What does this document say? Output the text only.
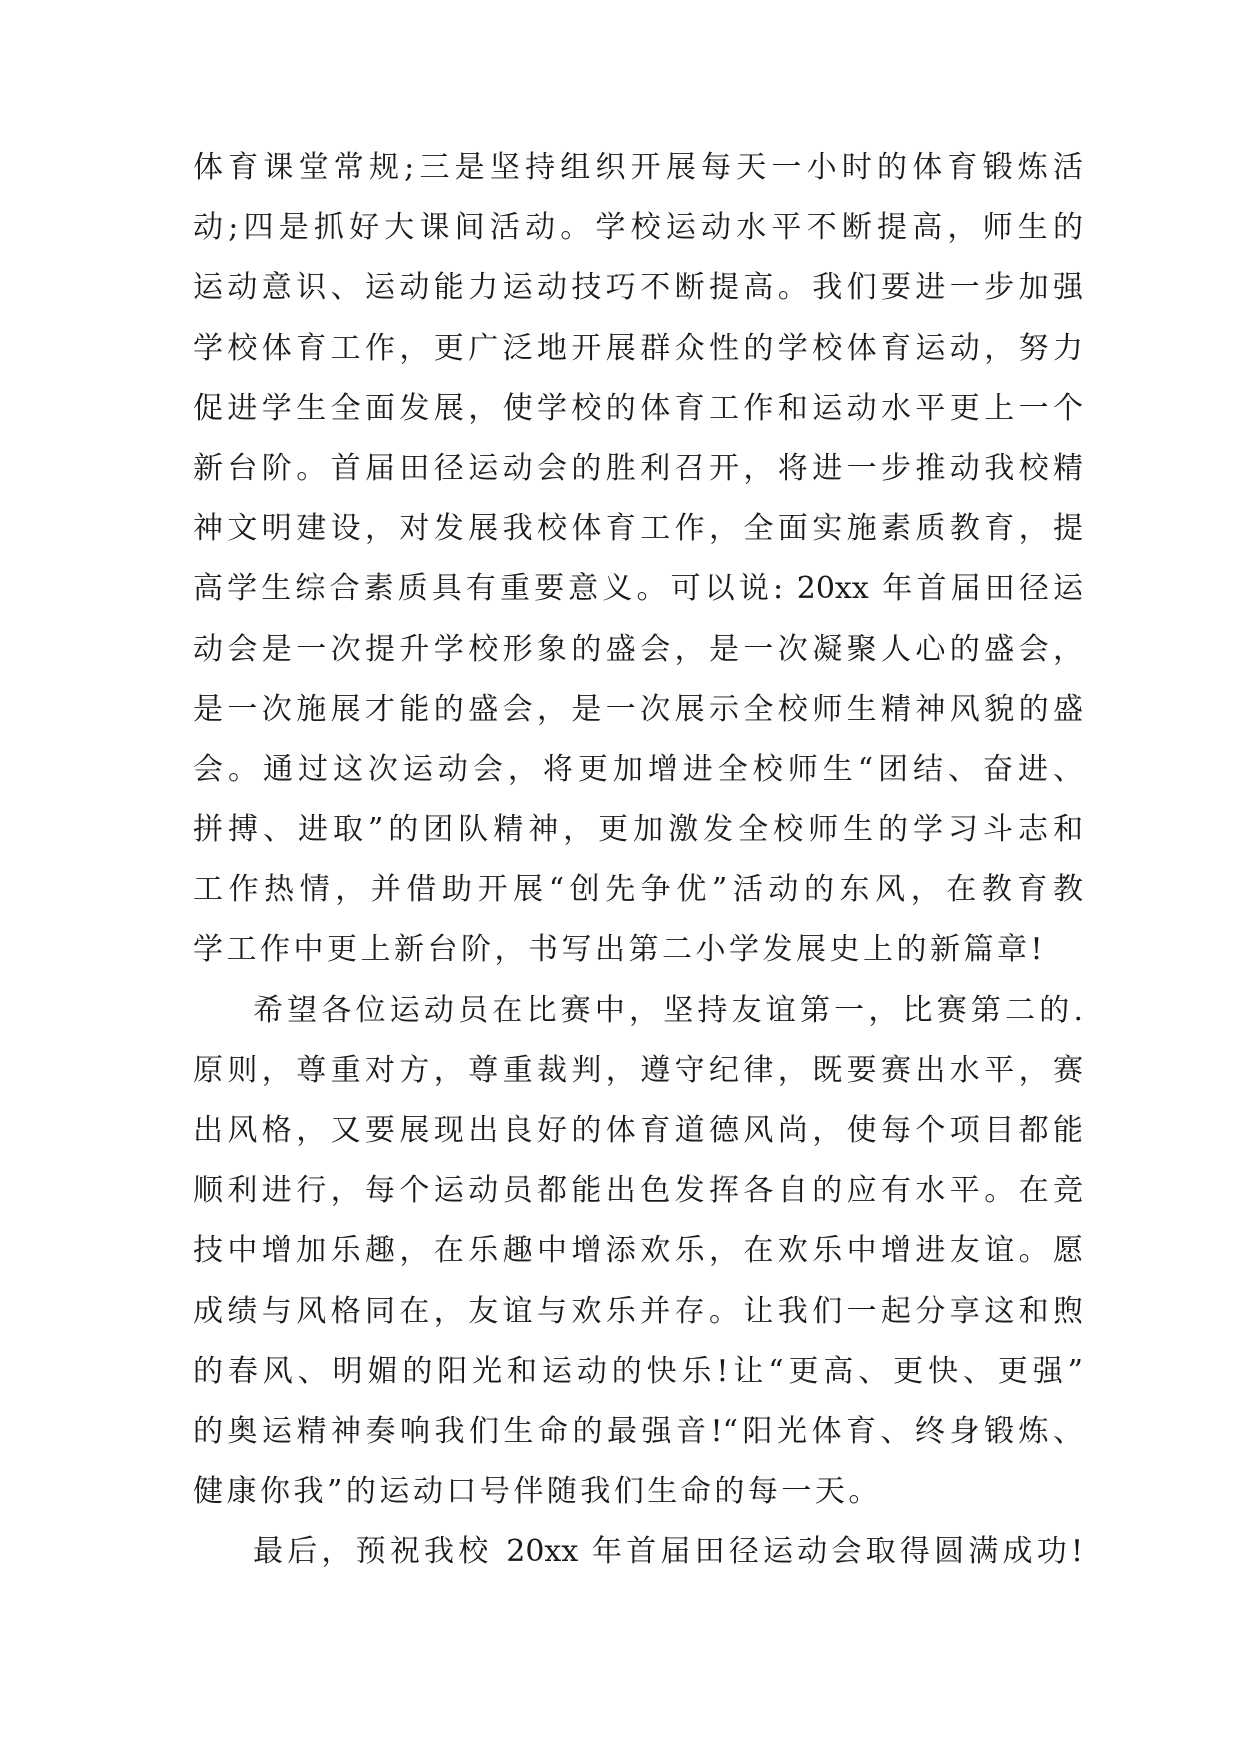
体育课堂常规;三是坚持组织开展每天一小时的体育锻炼活
动;四是抓好大课间活动。学校运动水平不断提高，师生的
运动意识、运动能力运动技巧不断提高。我们要进一步加强
学校体育工作，更广泛地开展群众性的学校体育运动，努力
促进学生全面发展，使学校的体育工作和运动水平更上一个
新台阶。首届田径运动会的胜利召开，将进一步推动我校精
神文明建设，对发展我校体育工作，全面实施素质教育，提
高学生综合素质具有重要意义。可以说: 20xx 年首届田径运
动会是一次提升学校形象的盛会，是一次凝聚人心的盛会，
是一次施展才能的盛会，是一次展示全校师生精神风貌的盛
会。通过这次运动会，将更加增进全校师生“团结、奋进、
拼搏、进取”的团队精神，更加激发全校师生的学习斗志和
工作热情，并借助开展“创先争优”活动的东风，在教育教
学工作中更上新台阶，书写出第二小学发展史上的新篇章!
希望各位运动员在比赛中，坚持友谊第一，比赛第二的.
原则，尊重对方，尊重裁判，遵守纪律，既要赛出水平，赛
出风格，又要展现出良好的体育道德风尚，使每个项目都能
顺利进行，每个运动员都能出色发挥各自的应有水平。在竞
技中增加乐趣，在乐趣中增添欢乐，在欢乐中增进友谊。愿
成绩与风格同在，友谊与欢乐并存。让我们一起分享这和煦
的春风、明媚的阳光和运动的快乐!让“更高、更快、更强”
的奥运精神奏响我们生命的最强音!“阳光体育、终身锻炼、
健康你我”的运动口号伴随我们生命的每一天。
最后，预祝我校 20xx 年首届田径运动会取得圆满成功!
